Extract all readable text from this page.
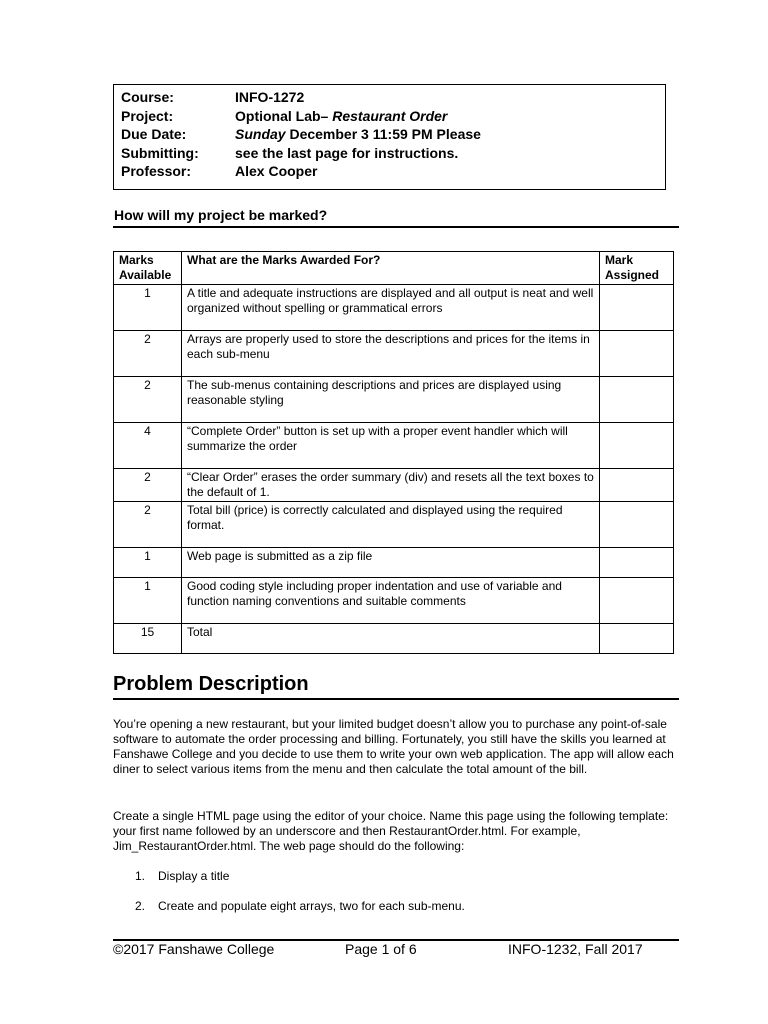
Course:	INFO-1272
Project:	Optional Lab– Restaurant Order
Due Date:	Sunday December 3 11:59 PM Please
Submitting:	see the last page for instructions.
Professor:	Alex Cooper
How will my project be marked?
Marks Available	What are the Marks Awarded For?	Mark Assigned
1	A title and adequate instructions are displayed and all output is neat and well organized without spelling or grammatical errors	
2	Arrays are properly used to store the descriptions and prices for the items in each sub-menu	
2	The sub-menus containing descriptions and prices are displayed using reasonable styling	
4	“Complete Order” button is set up with a proper event handler which will summarize the order	
2	“Clear Order” erases the order summary (div) and resets all the text boxes to the default of 1.	
2	Total bill (price) is correctly calculated and displayed using the required format.	
1	Web page is submitted as a zip file	
1	Good coding style including proper indentation and use of variable and function naming conventions and suitable comments	
15	Total	
Problem Description
You’re opening a new restaurant, but your limited budget doesn’t allow you to purchase any point-of-sale software to automate the order processing and billing. Fortunately, you still have the skills you learned at Fanshawe College and you decide to use them to write your own web application. The app will allow each diner to select various items from the menu and then calculate the total amount of the bill.
Create a single HTML page using the editor of your choice. Name this page using the following template: your first name followed by an underscore and then RestaurantOrder.html. For example, Jim_RestaurantOrder.html. The web page should do the following:
1.	Display a title
2.	Create and populate eight arrays, two for each sub-menu.
©2017 Fanshawe College	Page 1 of 6	INFO-1232, Fall 2017
